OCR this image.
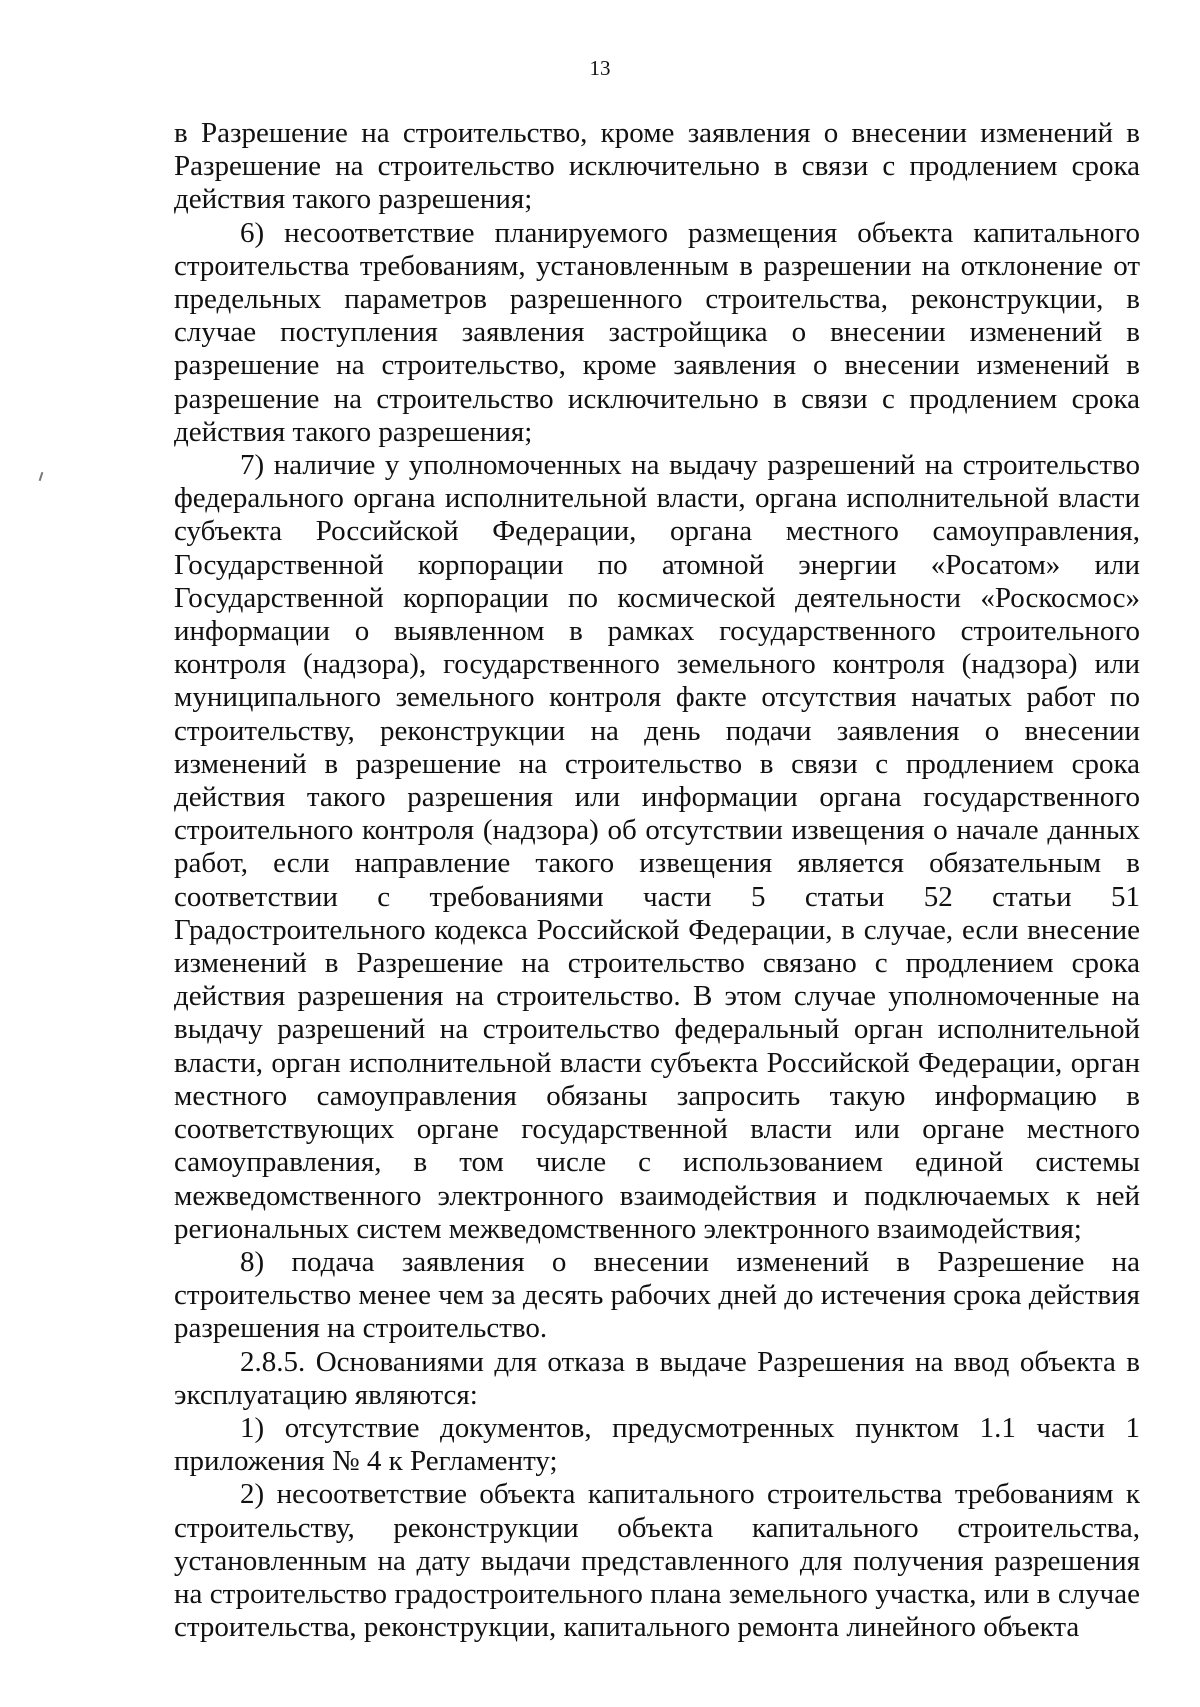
13

в Разрешение на строительство, кроме заявления о внесении изменений в Разрешение на строительство исключительно в связи с продлением срока действия такого разрешения;

6) несоответствие планируемого размещения объекта капитального строительства требованиям, установленным в разрешении на отклонение от предельных параметров разрешенного строительства, реконструкции, в случае поступления заявления застройщика о внесении изменений в разрешение на строительство, кроме заявления о внесении изменений в разрешение на строительство исключительно в связи с продлением срока действия такого разрешения;

7) наличие у уполномоченных на выдачу разрешений на строительство федерального органа исполнительной власти, органа исполнительной власти субъекта Российской Федерации, органа местного самоуправления, Государственной корпорации по атомной энергии «Росатом» или Государственной корпорации по космической деятельности «Роскосмос» информации о выявленном в рамках государственного строительного контроля (надзора), государственного земельного контроля (надзора) или муниципального земельного контроля факте отсутствия начатых работ по строительству, реконструкции на день подачи заявления о внесении изменений в разрешение на строительство в связи с продлением срока действия такого разрешения или информации органа государственного строительного контроля (надзора) об отсутствии извещения о начале данных работ, если направление такого извещения является обязательным в соответствии с требованиями части 5 статьи 52 статьи 51 Градостроительного кодекса Российской Федерации, в случае, если внесение изменений в Разрешение на строительство связано с продлением срока действия разрешения на строительство. В этом случае уполномоченные на выдачу разрешений на строительство федеральный орган исполнительной власти, орган исполнительной власти субъекта Российской Федерации, орган местного самоуправления обязаны запросить такую информацию в соответствующих органе государственной власти или органе местного самоуправления, в том числе с использованием единой системы межведомственного электронного взаимодействия и подключаемых к ней региональных систем межведомственного электронного взаимодействия;

8) подача заявления о внесении изменений в Разрешение на строительство менее чем за десять рабочих дней до истечения срока действия разрешения на строительство.

2.8.5. Основаниями для отказа в выдаче Разрешения на ввод объекта в эксплуатацию являются:

1) отсутствие документов, предусмотренных пунктом 1.1 части 1 приложения № 4 к Регламенту;

2) несоответствие объекта капитального строительства требованиям к строительству, реконструкции объекта капитального строительства, установленным на дату выдачи представленного для получения разрешения на строительство градостроительного плана земельного участка, или в случае строительства, реконструкции, капитального ремонта линейного объекта
